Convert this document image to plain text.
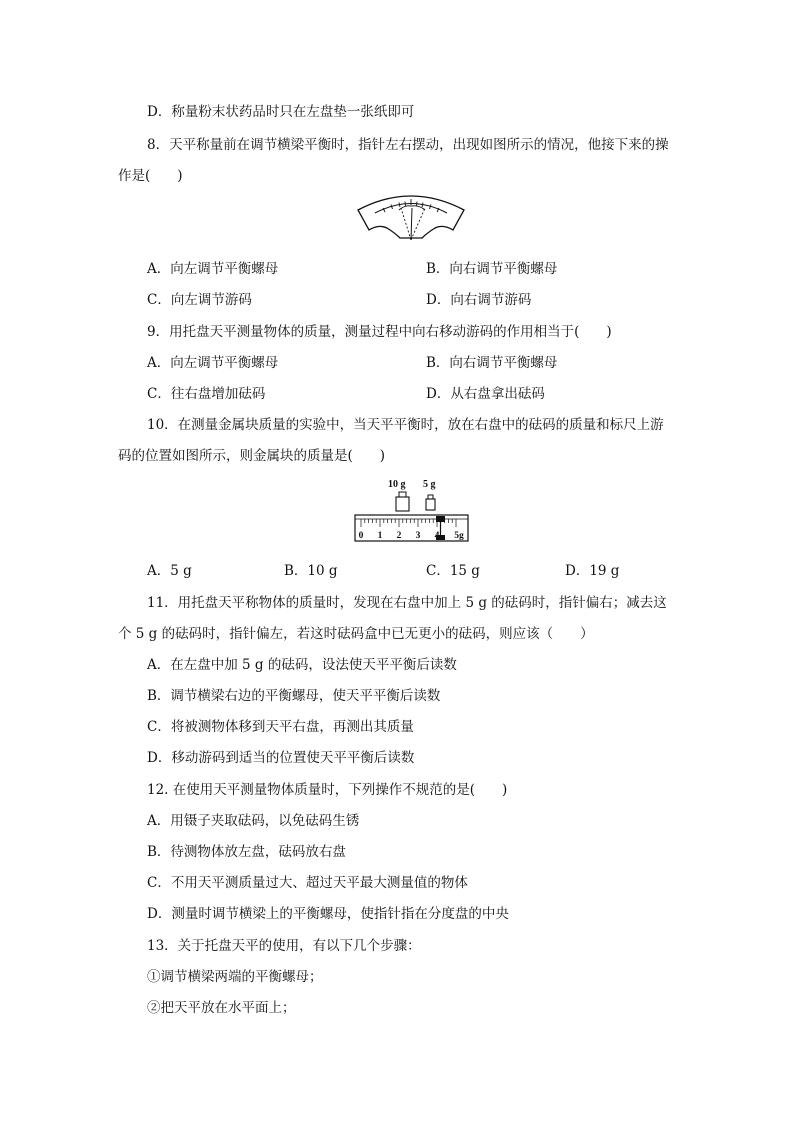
D．称量粉末状药品时只在左盘垫一张纸即可
8．天平称量前在调节横梁平衡时，指针左右摆动，出现如图所示的情况，他接下来的操
作是(　　)
A．向左调节平衡螺母	B．向右调节平衡螺母
C．向左调节游码	D．向右调节游码
9．用托盘天平测量物体的质量，测量过程中向右移动游码的作用相当于(　　)
A．向左调节平衡螺母	B．向右调节平衡螺母
C．往右盘增加砝码	D．从右盘拿出砝码
10．在测量金属块质量的实验中，当天平平衡时，放在右盘中的砝码的质量和标尺上游
码的位置如图所示，则金属块的质量是(　　)
10 g 5 g
0 1 2 3 4 5g
A．5 g	B．10 g	C．15 g	D．19 g
11．用托盘天平称物体的质量时，发现在右盘中加上 5 g 的砝码时，指针偏右；减去这
个 5 g 的砝码时，指针偏左，若这时砝码盒中已无更小的砝码，则应该（　　）
A．在左盘中加 5 g 的砝码，设法使天平平衡后读数
B．调节横梁右边的平衡螺母，使天平平衡后读数
C．将被测物体移到天平右盘，再测出其质量
D．移动游码到适当的位置使天平平衡后读数
12. 在使用天平测量物体质量时，下列操作不规范的是(　　)
A．用镊子夹取砝码，以免砝码生锈
B．待测物体放左盘，砝码放右盘
C．不用天平测质量过大、超过天平最大测量值的物体
D．测量时调节横梁上的平衡螺母，使指针指在分度盘的中央
13．关于托盘天平的使用，有以下几个步骤：
①调节横梁两端的平衡螺母；
②把天平放在水平面上；
